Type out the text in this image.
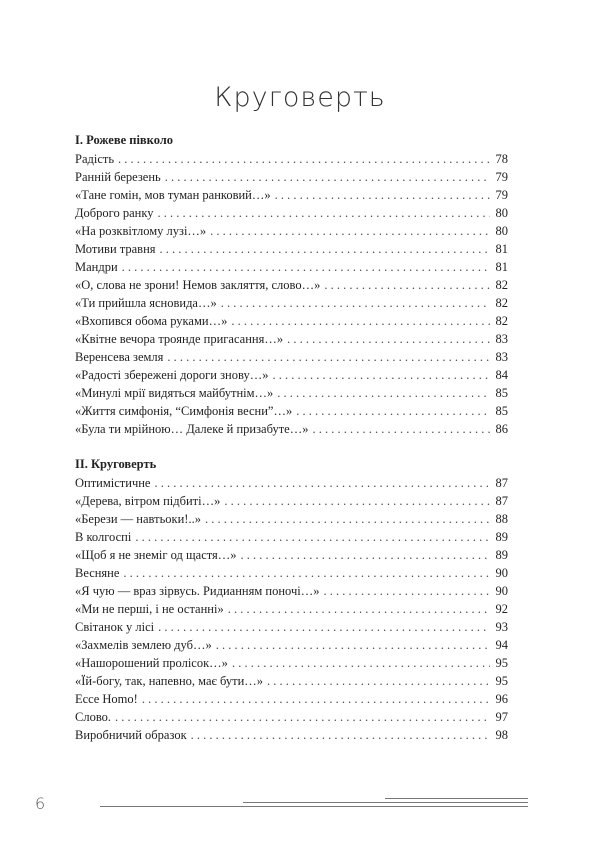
Круговерть
I. Рожеве півколо
Радість . . .	78
Ранній березень . . .	79
«Тане гомін, мов туман ранковий…» . . .	79
Доброго ранку . . .	80
«На розквітлому лузі…» . . .	80
Мотиви травня . . .	81
Мандри . . .	81
«О, слова не зрони! Немов закляття, слово…» . . .	82
«Ти прийшла ясновида…» . . .	82
«Вхопився обома руками…» . . .	82
«Квітне вечора троянде пригасання…» . . .	83
Веренсева земля . . .	83
«Радості збережені дороги знову…» . . .	84
«Минулі мрії видяться майбутнім…» . . .	85
«Життя симфонія, “Симфонія весни”…» . . .	85
«Була ти мрійною… Далеке й призабуте…» . . .	86
II. Круговерть
Оптимістичне . . .	87
«Дерева, вітром підбиті…» . . .	87
«Берези — навтьоки!..» . . .	88
В колгоспі . . .	89
«Щоб я не знеміг од щастя…» . . .	89
Весняне . . .	90
«Я чую — враз зірвусь. Ридианням поночі…» . . .	90
«Ми не перші, і не останні» . . .	92
Світанок у лісі . . .	93
«Захмелів землею дуб…» . . .	94
«Нашорошений пролісок…» . . .	95
«Їй-богу, так, напевно, має бути…» . . .	95
Ecce Homo! . . .	96
Слово. . . .	97
Виробничий образок . . .	98
6
